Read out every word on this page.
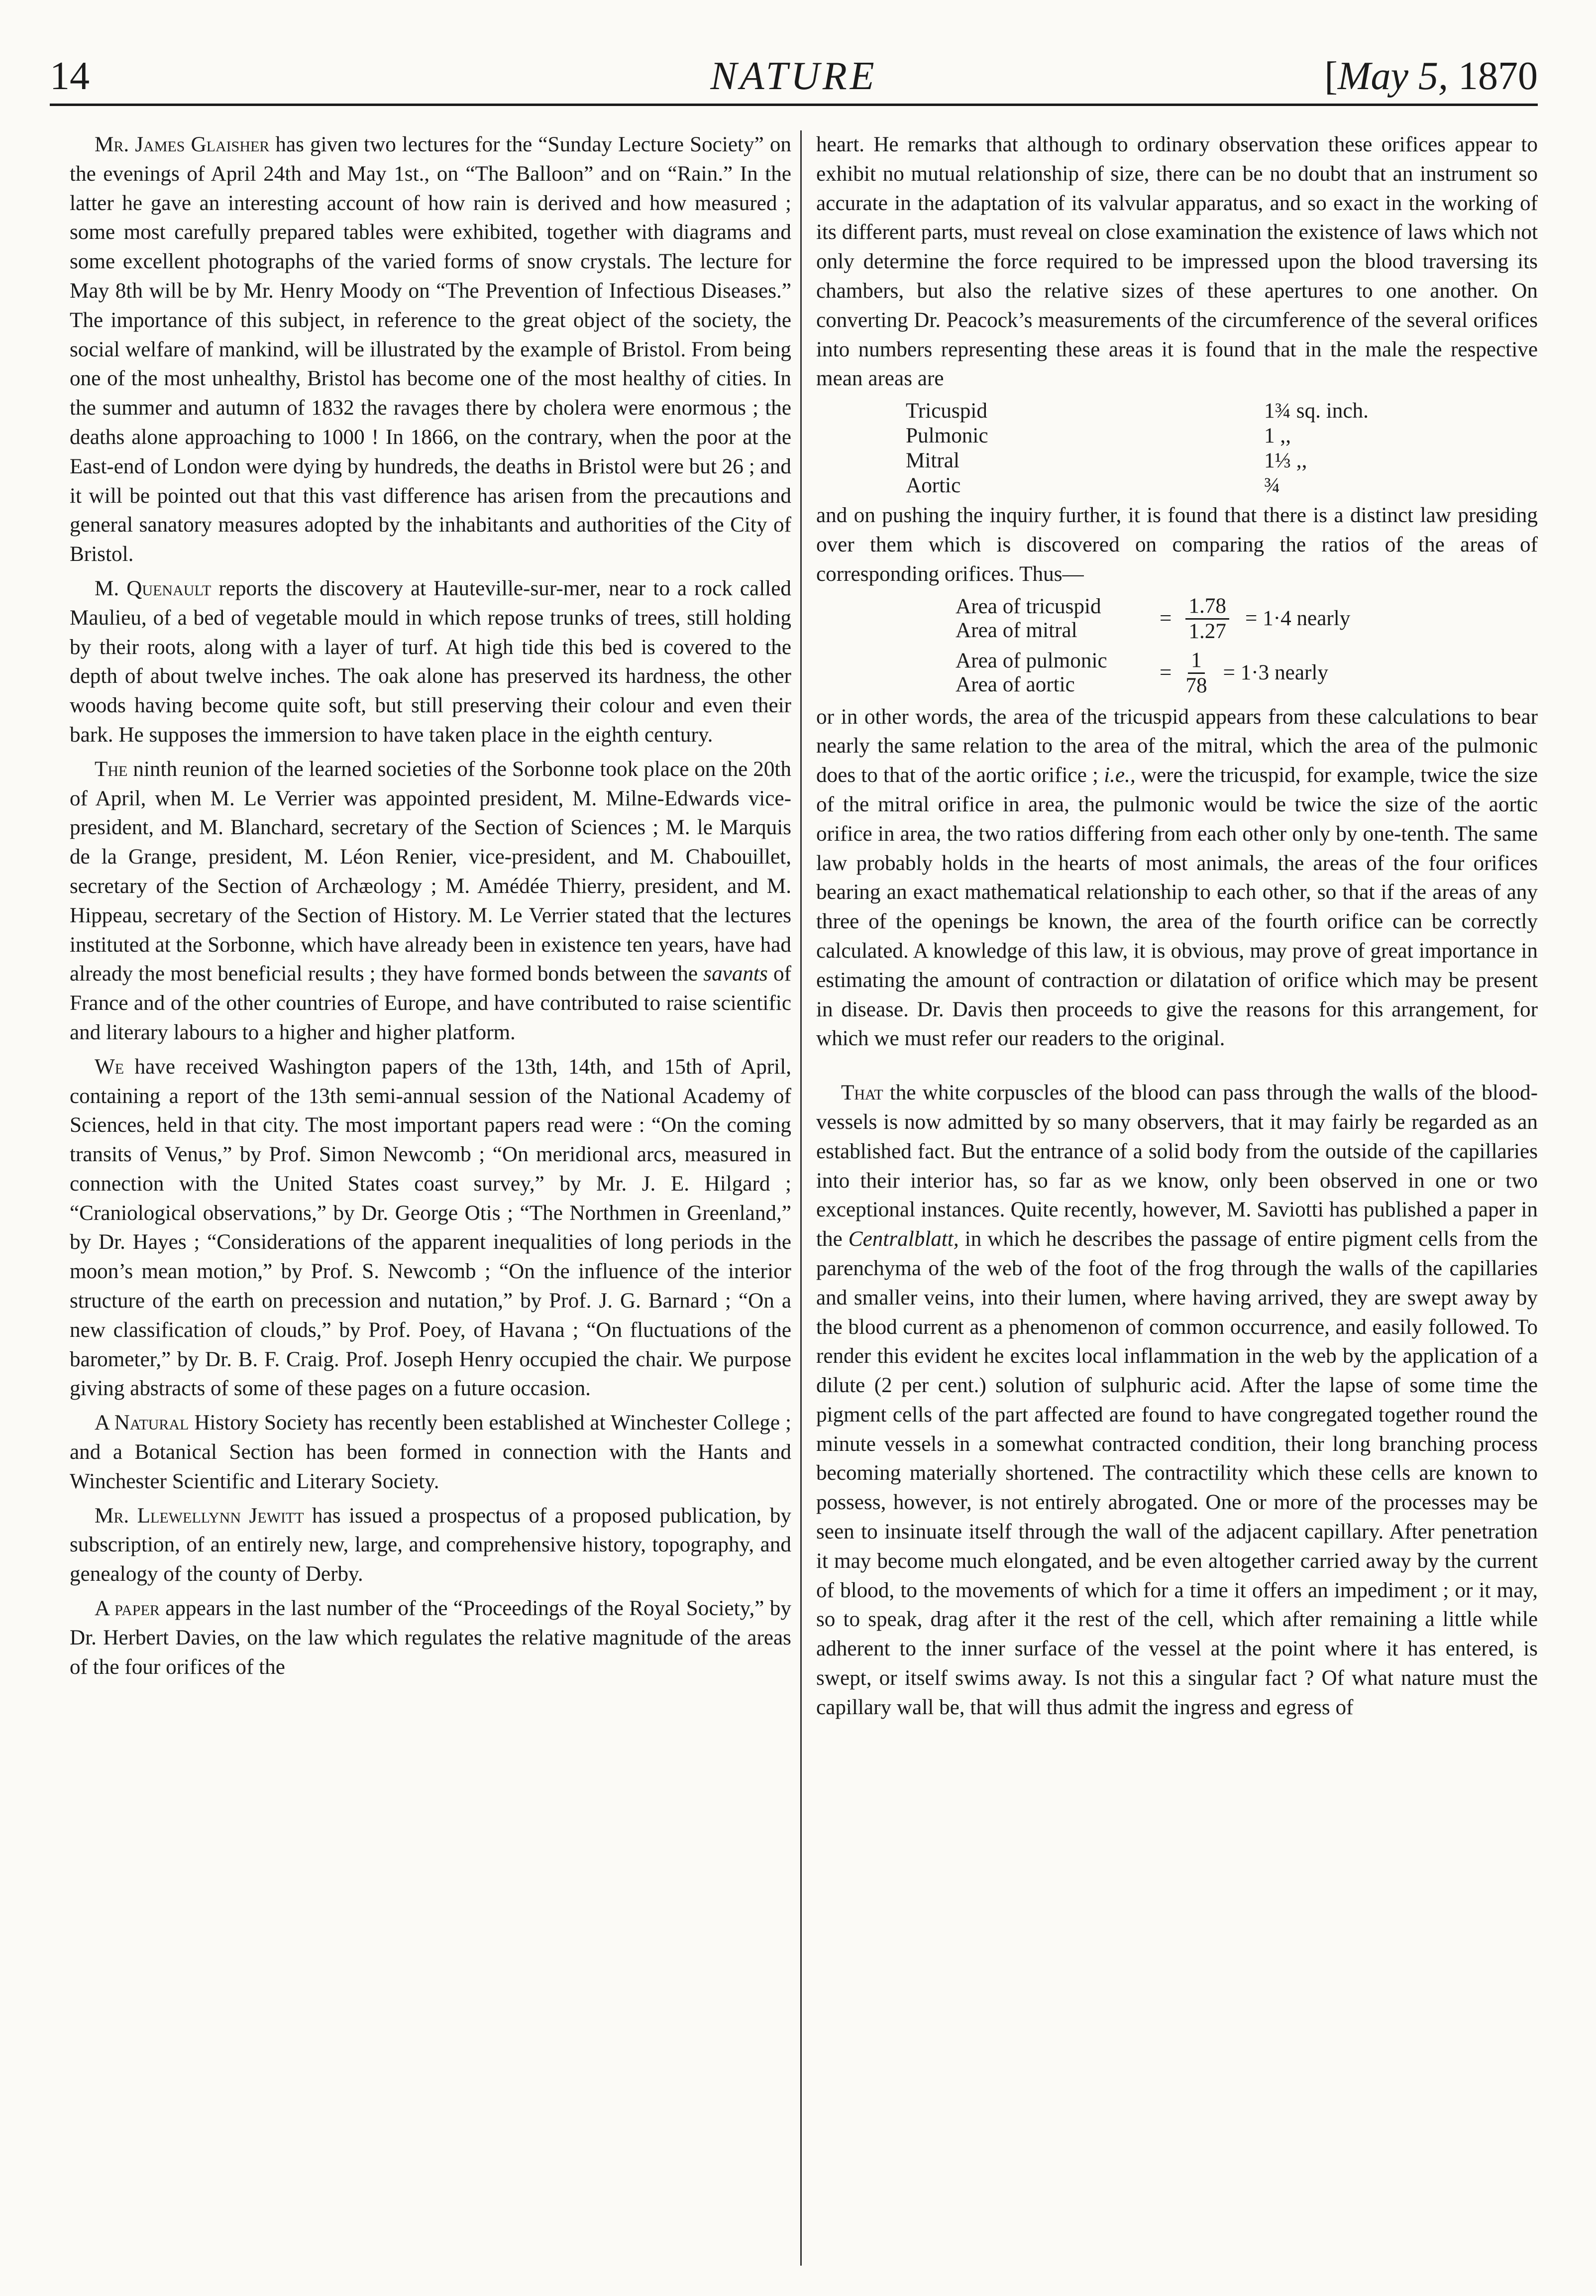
14	NATURE	[May 5, 1870

Mr. James Glaisher has given two lectures for the “Sunday Lecture Society” on the evenings of April 24th and May 1st., on “The Balloon” and on “Rain.” In the latter he gave an interesting account of how rain is derived and how measured ; some most carefully prepared tables were exhibited, together with diagrams and some excellent photographs of the varied forms of snow crystals. The lecture for May 8th will be by Mr. Henry Moody on “The Prevention of Infectious Diseases.” The importance of this subject, in reference to the great object of the society, the social welfare of mankind, will be illustrated by the example of Bristol. From being one of the most unhealthy, Bristol has become one of the most healthy of cities. In the summer and autumn of 1832 the ravages there by cholera were enormous ; the deaths alone approaching to 1000 ! In 1866, on the contrary, when the poor at the East-end of London were dying by hundreds, the deaths in Bristol were but 26 ; and it will be pointed out that this vast difference has arisen from the precautions and general sanatory measures adopted by the inhabitants and authorities of the City of Bristol.

M. Quenault reports the discovery at Hauteville-sur-mer, near to a rock called Maulieu, of a bed of vegetable mould in which repose trunks of trees, still holding by their roots, along with a layer of turf. At high tide this bed is covered to the depth of about twelve inches. The oak alone has preserved its hardness, the other woods having become quite soft, but still preserving their colour and even their bark. He supposes the immersion to have taken place in the eighth century.

The ninth reunion of the learned societies of the Sorbonne took place on the 20th of April, when M. Le Verrier was appointed president, M. Milne-Edwards vice-president, and M. Blanchard, secretary of the Section of Sciences ; M. le Marquis de la Grange, president, M. Léon Renier, vice-president, and M. Chabouillet, secretary of the Section of Archæology ; M. Amédée Thierry, president, and M. Hippeau, secretary of the Section of History. M. Le Verrier stated that the lectures instituted at the Sorbonne, which have already been in existence ten years, have had already the most beneficial results ; they have formed bonds between the savants of France and of the other countries of Europe, and have contributed to raise scientific and literary labours to a higher and higher platform.

We have received Washington papers of the 13th, 14th, and 15th of April, containing a report of the 13th semi-annual session of the National Academy of Sciences, held in that city. The most important papers read were : “On the coming transits of Venus,” by Prof. Simon Newcomb ; “On meridional arcs, measured in connection with the United States coast survey,” by Mr. J. E. Hilgard ; “Craniological observations,” by Dr. George Otis ; “The Northmen in Greenland,” by Dr. Hayes ; “Considerations of the apparent inequalities of long periods in the moon’s mean motion,” by Prof. S. Newcomb ; “On the influence of the interior structure of the earth on precession and nutation,” by Prof. J. G. Barnard ; “On a new classification of clouds,” by Prof. Poey, of Havana ; “On fluctuations of the barometer,” by Dr. B. F. Craig. Prof. Joseph Henry occupied the chair. We purpose giving abstracts of some of these pages on a future occasion.

A Natural History Society has recently been established at Winchester College ; and a Botanical Section has been formed in connection with the Hants and Winchester Scientific and Literary Society.

Mr. Llewellynn Jewitt has issued a prospectus of a proposed publication, by subscription, of an entirely new, large, and comprehensive history, topography, and genealogy of the county of Derby.

A paper appears in the last number of the “Proceedings of the Royal Society,” by Dr. Herbert Davies, on the law which regulates the relative magnitude of the areas of the four orifices of the

heart. He remarks that although to ordinary observation these orifices appear to exhibit no mutual relationship of size, there can be no doubt that an instrument so accurate in the adaptation of its valvular apparatus, and so exact in the working of its different parts, must reveal on close examination the existence of laws which not only determine the force required to be impressed upon the blood traversing its chambers, but also the relative sizes of these apertures to one another. On converting Dr. Peacock’s measurements of the circumference of the several orifices into numbers representing these areas it is found that in the male the respective mean areas are

Tricuspid	1¾ sq. inch.
Pulmonic	1 ,,
Mitral	1⅓ ,,
Aortic	¾

and on pushing the inquiry further, it is found that there is a distinct law presiding over them which is discovered on comparing the ratios of the areas of corresponding orifices. Thus—

Area of tricuspid
Area of mitral
= $\frac{1.78}{1.27} = 1\cdot 4$ nearly
Area of pulmonic
Area of aortic
= $\frac{1}{78} = 1\cdot 3$ nearly

or in other words, the area of the tricuspid appears from these calculations to bear nearly the same relation to the area of the mitral, which the area of the pulmonic does to that of the aortic orifice ; i.e., were the tricuspid, for example, twice the size of the mitral orifice in area, the pulmonic would be twice the size of the aortic orifice in area, the two ratios differing from each other only by one-tenth. The same law probably holds in the hearts of most animals, the areas of the four orifices bearing an exact mathematical relationship to each other, so that if the areas of any three of the openings be known, the area of the fourth orifice can be correctly calculated. A knowledge of this law, it is obvious, may prove of great importance in estimating the amount of contraction or dilatation of orifice which may be present in disease. Dr. Davis then proceeds to give the reasons for this arrangement, for which we must refer our readers to the original.

That the white corpuscles of the blood can pass through the walls of the blood-vessels is now admitted by so many observers, that it may fairly be regarded as an established fact. But the entrance of a solid body from the outside of the capillaries into their interior has, so far as we know, only been observed in one or two exceptional instances. Quite recently, however, M. Saviotti has published a paper in the Centralblatt, in which he describes the passage of entire pigment cells from the parenchyma of the web of the foot of the frog through the walls of the capillaries and smaller veins, into their lumen, where having arrived, they are swept away by the blood current as a phenomenon of common occurrence, and easily followed. To render this evident he excites local inflammation in the web by the application of a dilute (2 per cent.) solution of sulphuric acid. After the lapse of some time the pigment cells of the part affected are found to have congregated together round the minute vessels in a somewhat contracted condition, their long branching process becoming materially shortened. The contractility which these cells are known to possess, however, is not entirely abrogated. One or more of the processes may be seen to insinuate itself through the wall of the adjacent capillary. After penetration it may become much elongated, and be even altogether carried away by the current of blood, to the movements of which for a time it offers an impediment ; or it may, so to speak, drag after it the rest of the cell, which after remaining a little while adherent to the inner surface of the vessel at the point where it has entered, is swept, or itself swims away. Is not this a singular fact ? Of what nature must the capillary wall be, that will thus admit the ingress and egress of
